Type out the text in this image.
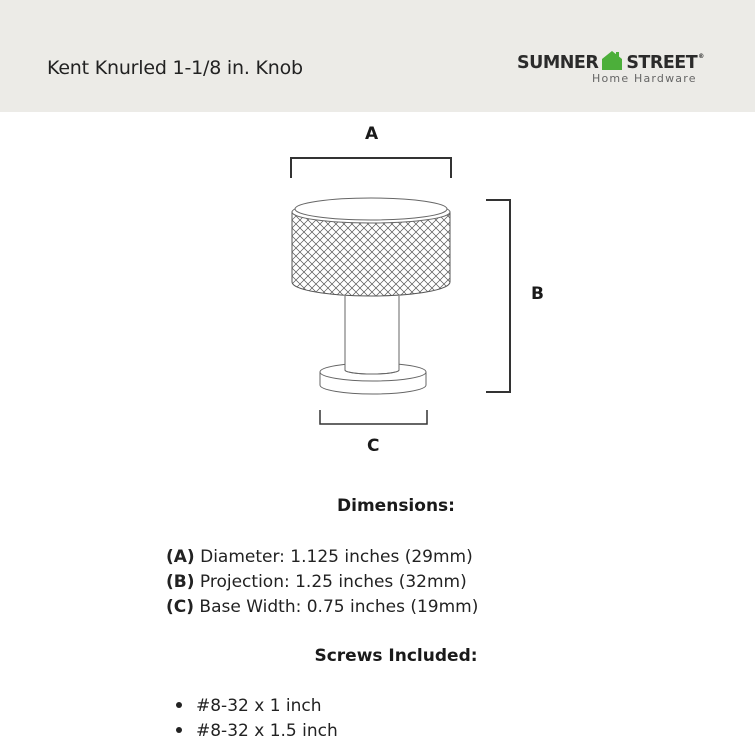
Kent Knurled 1-1/8 in. Knob	SUMNER STREET®
Home Hardware
A
B
C
Dimensions:
(A) Diameter: 1.125 inches (29mm)
(B) Projection: 1.25 inches (32mm)
(C) Base Width: 0.75 inches (19mm)
Screws Included:
#8-32 x 1 inch
#8-32 x 1.5 inch
